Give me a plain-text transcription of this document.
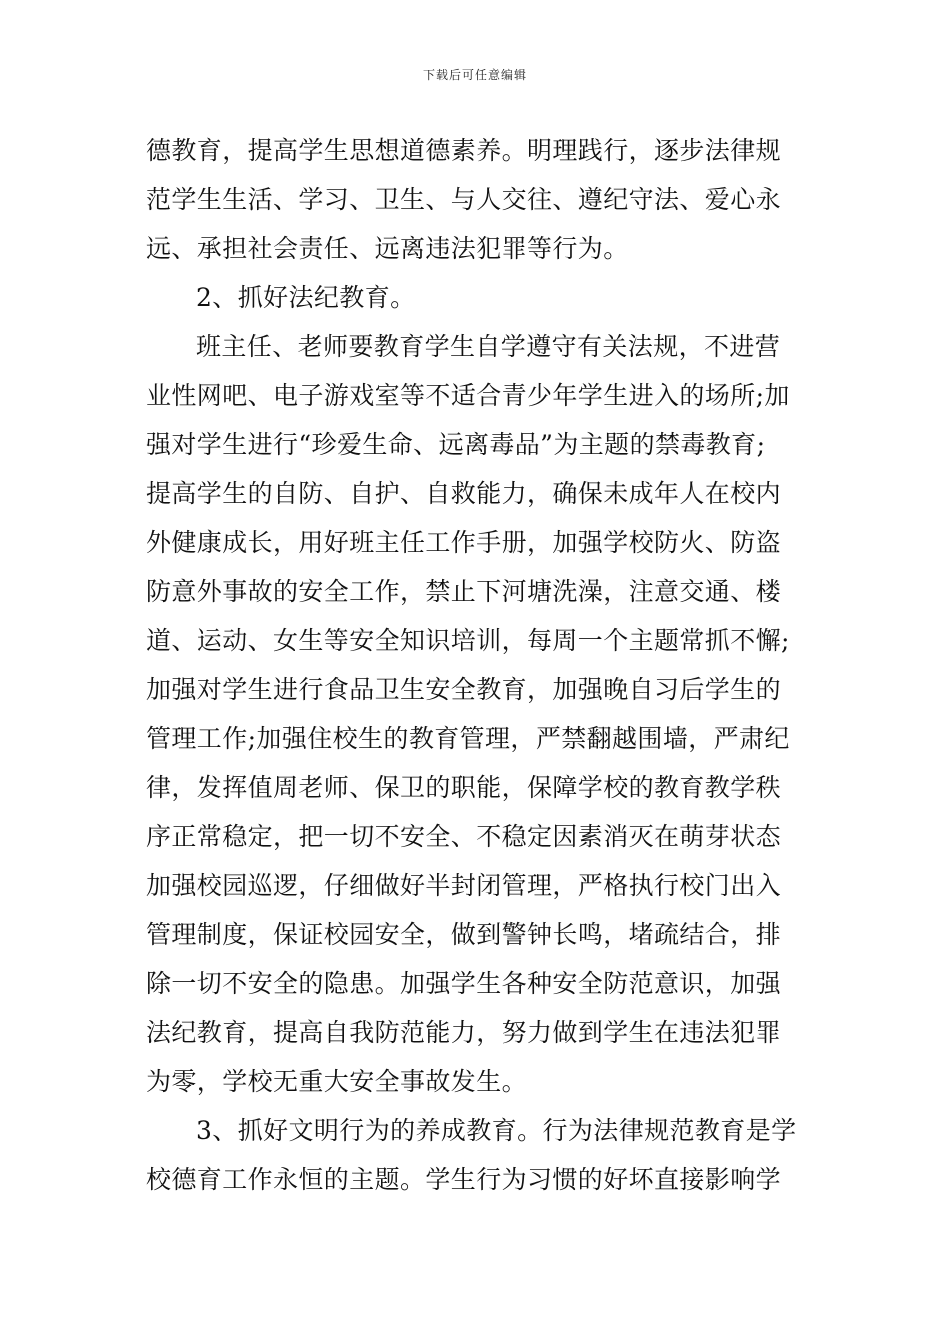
下载后可任意编辑
德教育，提高学生思想道德素养。明理践行，逐步法律规
范学生生活、学习、卫生、与人交往、遵纪守法、爱心永
远、承担社会责任、远离违法犯罪等行为。
2、抓好法纪教育。
班主任、老师要教育学生自学遵守有关法规，不进营
业性网吧、电子游戏室等不适合青少年学生进入的场所;加
强对学生进行“珍爱生命、远离毒品”为主题的禁毒教育;
提高学生的自防、自护、自救能力，确保未成年人在校内
外健康成长，用好班主任工作手册，加强学校防火、防盗
防意外事故的安全工作，禁止下河塘洗澡，注意交通、楼
道、运动、女生等安全知识培训，每周一个主题常抓不懈;
加强对学生进行食品卫生安全教育，加强晚自习后学生的
管理工作;加强住校生的教育管理，严禁翻越围墙，严肃纪
律，发挥值周老师、保卫的职能，保障学校的教育教学秩
序正常稳定，把一切不安全、不稳定因素消灭在萌芽状态
加强校园巡逻，仔细做好半封闭管理，严格执行校门出入
管理制度，保证校园安全，做到警钟长鸣，堵疏结合，排
除一切不安全的隐患。加强学生各种安全防范意识，加强
法纪教育，提高自我防范能力，努力做到学生在违法犯罪
为零，学校无重大安全事故发生。
3、抓好文明行为的养成教育。行为法律规范教育是学
校德育工作永恒的主题。学生行为习惯的好坏直接影响学
